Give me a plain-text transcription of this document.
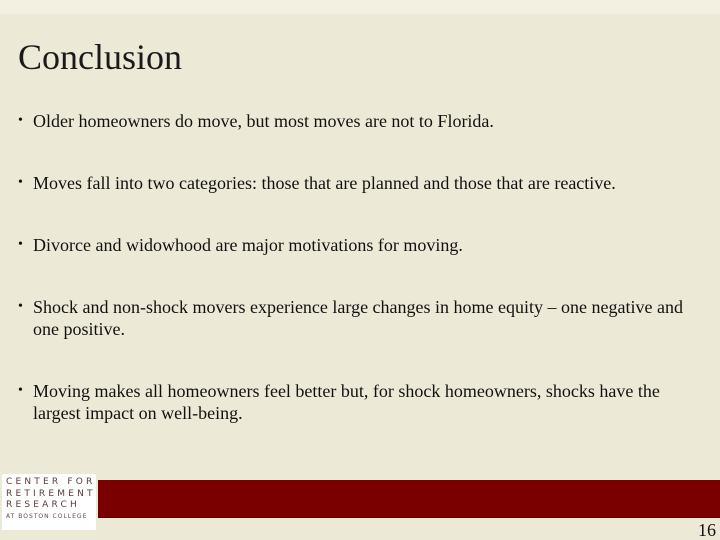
Conclusion
• Older homeowners do move, but most moves are not to Florida.
• Moves fall into two categories: those that are planned and those that are reactive.
• Divorce and widowhood are major motivations for moving.
• Shock and non-shock movers experience large changes in home equity – one negative and one positive.
• Moving makes all homeowners feel better but, for shock homeowners, shocks have the largest impact on well-being.
CENTER FOR
RETIREMENT
RESEARCH
AT BOSTON COLLEGE
16
